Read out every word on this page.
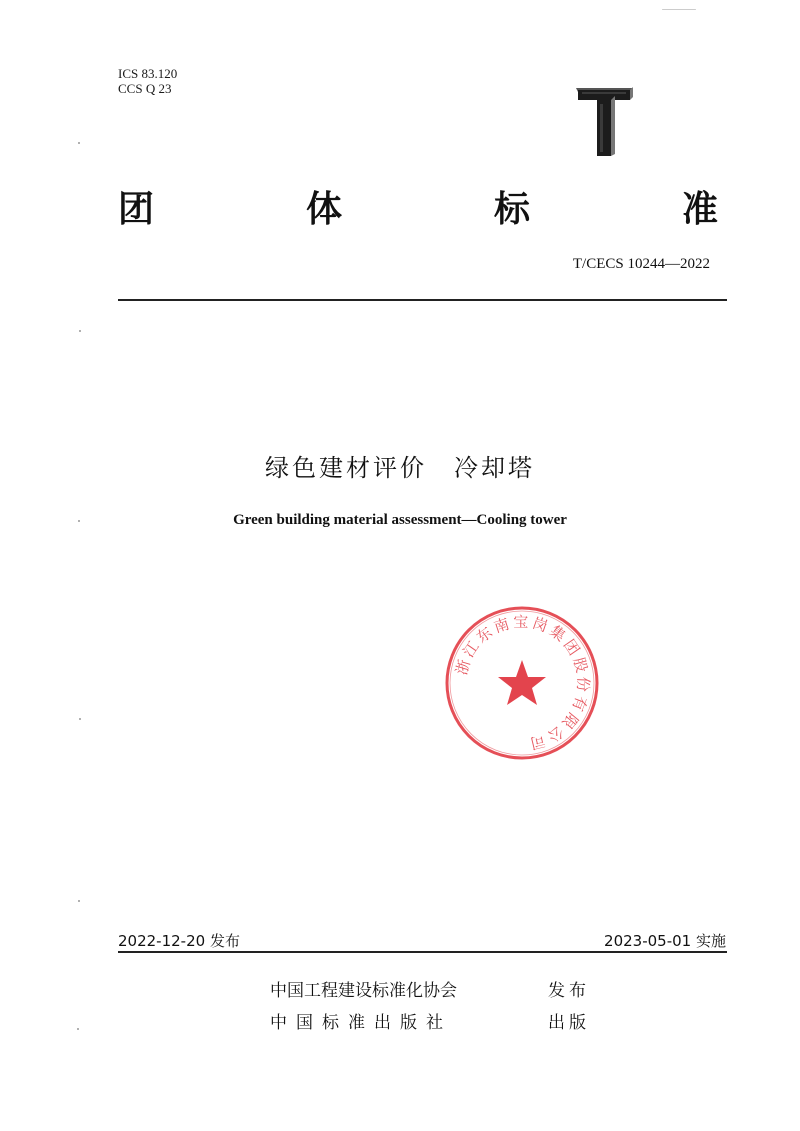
ICS 83.120
CCS Q 23
团	体	标	准
T/CECS 10244—2022
绿色建材评价　冷却塔
Green building material assessment—Cooling tower
浙江东南宝岗集团股份有限公司
2022-12-20 发布	2023-05-01 实施
中国工程建设标准化协会	发布
中国标准出版社	出版
